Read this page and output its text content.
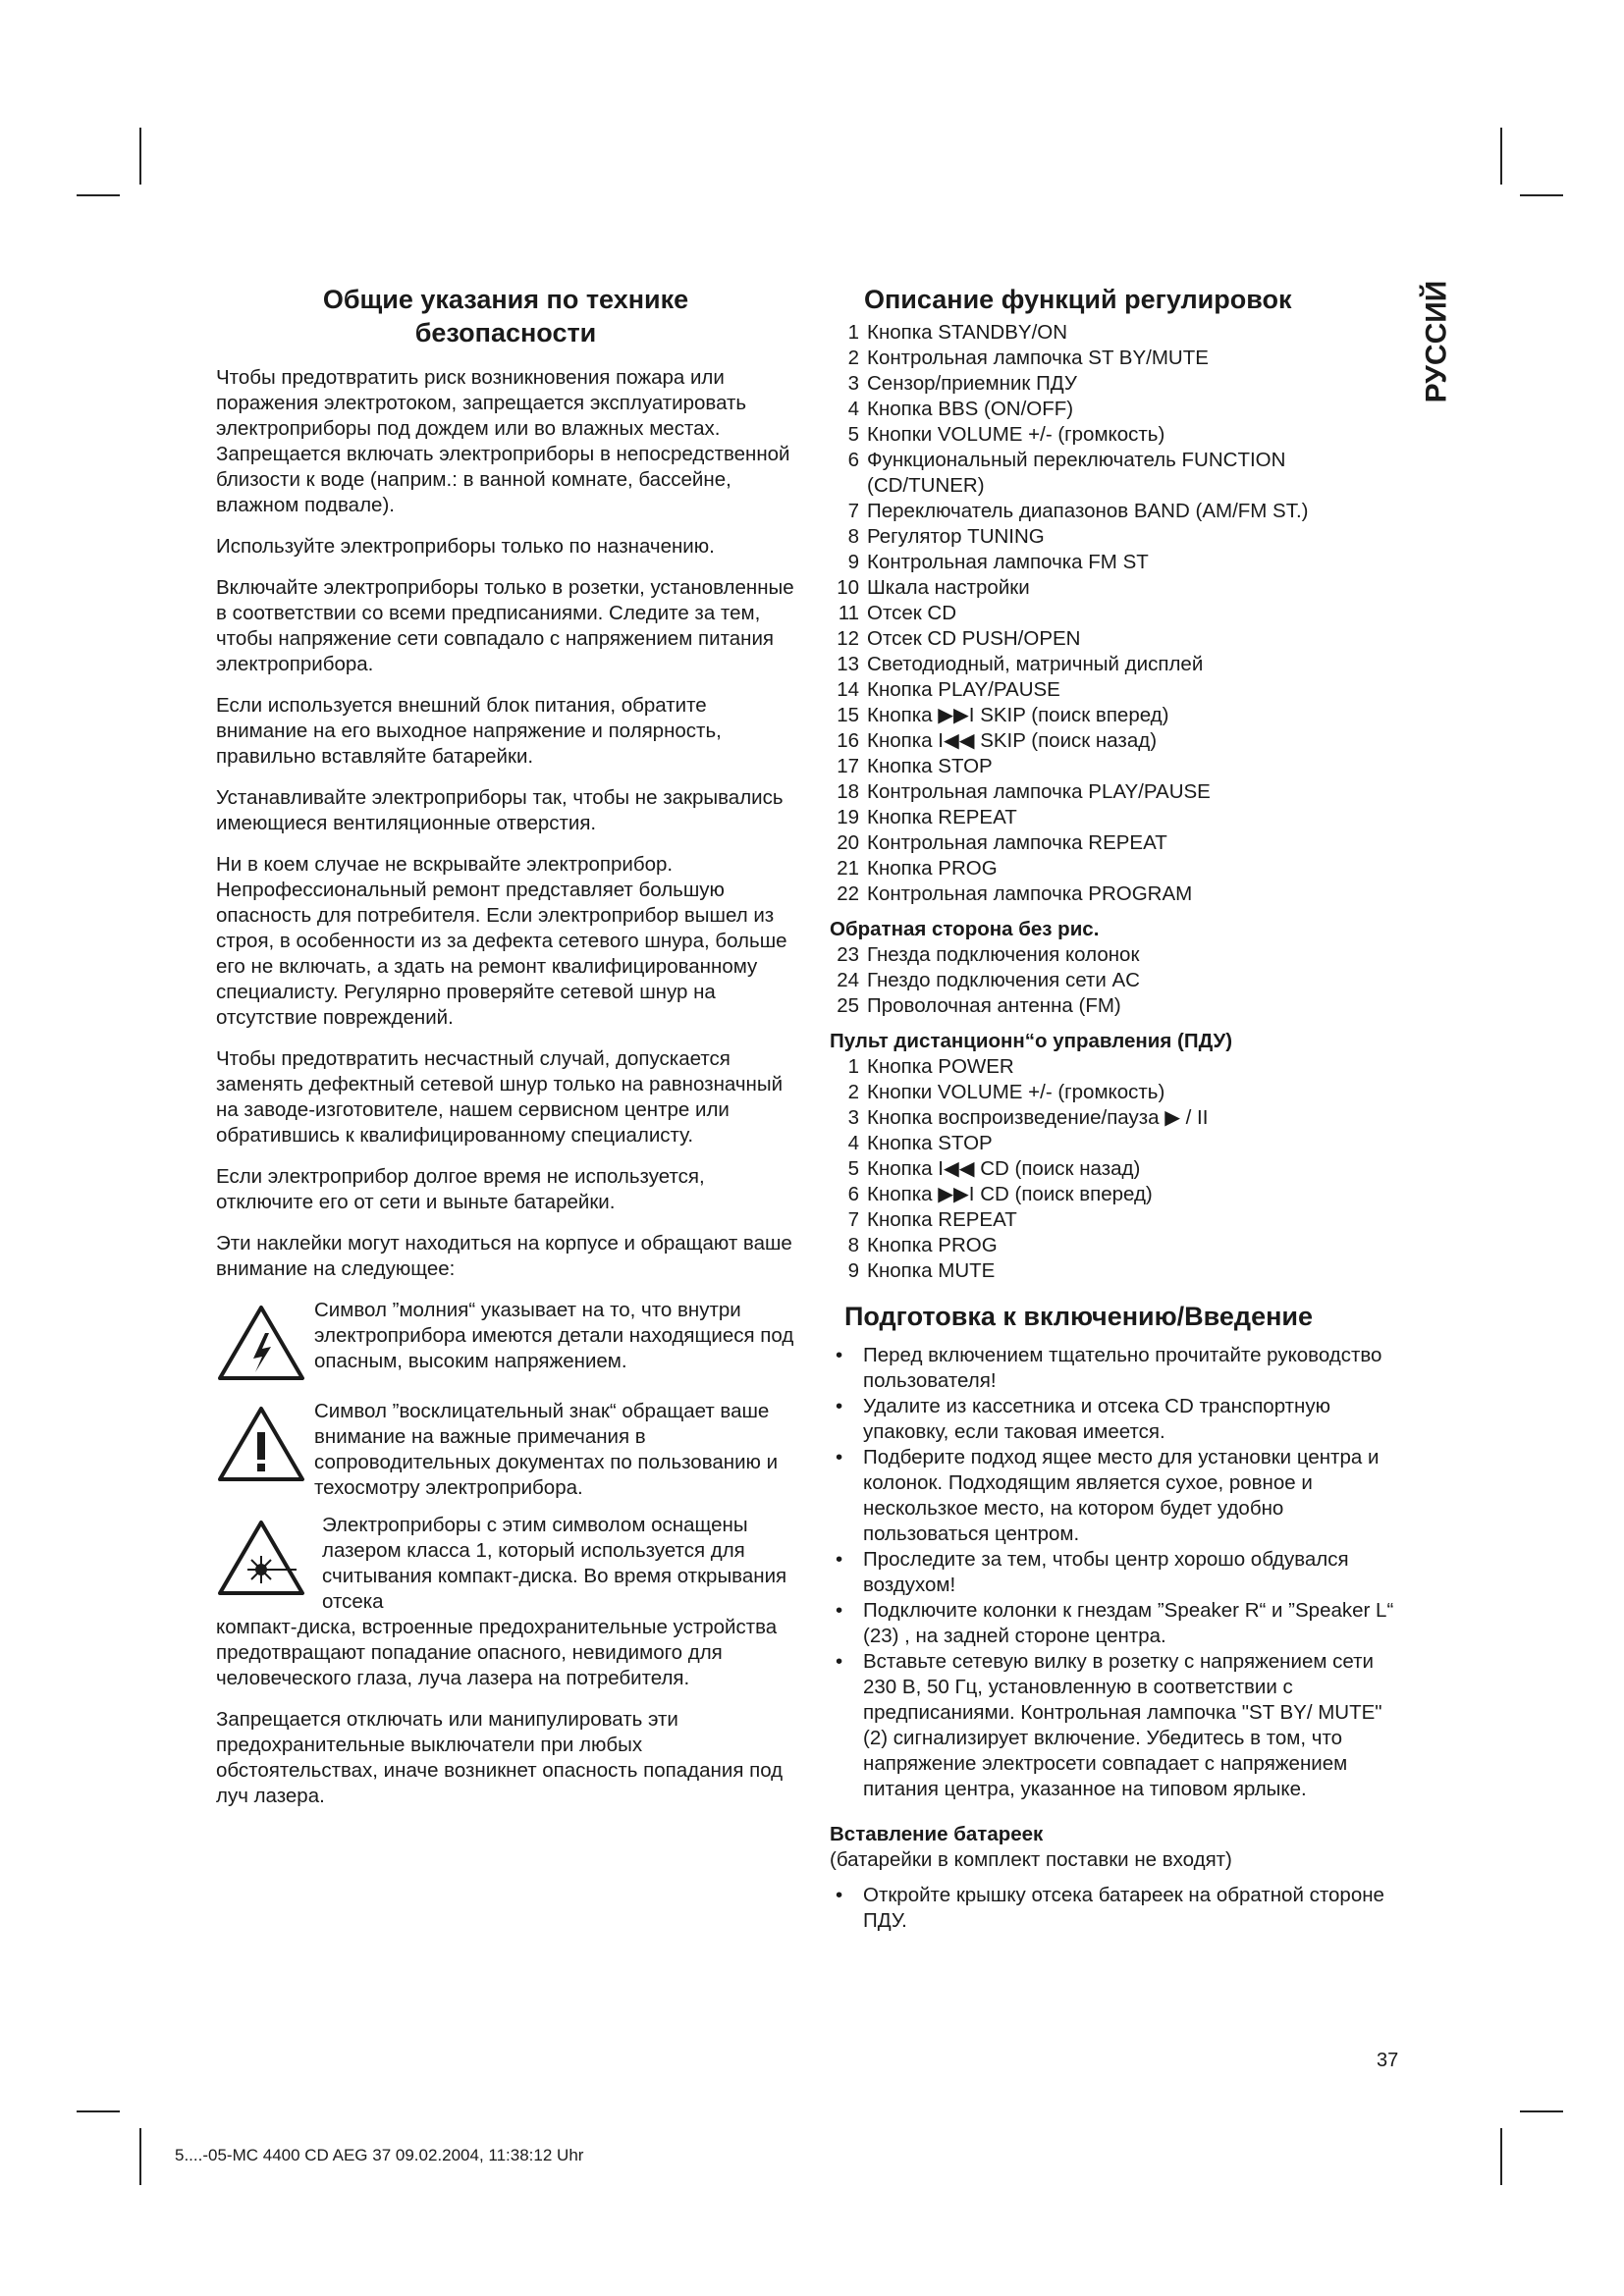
РУССИЙ
Общие указания по технике
безопасности
Чтобы предотвратить риск возникновения пожара или поражения электротоком, запрещается эксплуатировать электроприборы под дождем или во влажных местах. Запрещается включать электроприборы в непосредственной близости к воде (наприм.: в ванной комнате, бассейне, влажном подвале).
Используйте электроприборы только по назначению.
Включайте электроприборы только в розетки, установленные в соответствии со всеми предписаниями. Следите за тем, чтобы напряжение сети совпадало с напряжением питания электроприбора.
Если используется внешний блок питания, обратите внимание на его выходное напряжение и полярность, правильно вставляйте батарейки.
Устанавливайте электроприборы так, чтобы не закрывались имеющиеся вентиляционные отверстия.
Ни в коем случае не вскрывайте электроприбор. Непрофессиональный ремонт представляет большую опасность для потребителя. Если электроприбор вышел из строя, в особенности из за дефекта сетевого шнура, больше его не включать, а здать на ремонт квалифицированному специалисту. Регулярно проверяйте сетевой шнур на отсутствие повреждений.
Чтобы предотвратить несчастный случай, допускается заменять дефектный сетевой шнур только на равнозначный на заводе-изготовителе, нашем сервисном центре или обратившись к квалифицированному специалисту.
Если электроприбор долгое время не используется, отключите его от сети и выньте батарейки.
Эти наклейки могут находиться на корпусе и обращают ваше внимание на следующее:
Символ ”молния“ указывает на то, что внутри электроприбора имеются детали находящиеся под опасным, высоким напряжением.
Символ ”восклицательный знак“ обращает ваше внимание на важные примечания в сопроводительных документах по пользованию и техосмотру электроприбора.
Электроприборы с этим символом оснащены лазером класса 1, который используется для считывания компакт-диска. Во время открывания отсека
компакт-диска, встроенные предохранительные устройства предотвращают попадание опасного, невидимого для человеческого глаза, луча лазера на потребителя.
Запрещается отключать или манипулировать эти предохранительные выключатели при любых обстоятельствах, иначе возникнет опасность попадания под луч лазера.
Описание функций регулировок
1 Кнопка STANDBY/ON
2 Контрольная лампочка ST BY/MUTE
3 Сензор/приемник ПДУ
4 Кнопка BBS (ON/OFF)
5 Кнопки VOLUME +/- (громкость)
6 Функциональный переключатель FUNCTION
(CD/TUNER)
7 Переключатель диапазонов BAND (AM/FM ST.)
8 Регулятор TUNING
9 Контрольная лампочка FM ST
10 Шкала настройки
11 Отсек CD
12 Отсек CD PUSH/OPEN
13 Светодиодный, матричный дисплей
14 Кнопка PLAY/PAUSE
15 Кнопка ▶▶I SKIP (поиск вперед)
16 Кнопка I◀◀ SKIP (поиск назад)
17 Кнопка STOP
18 Контрольная лампочка PLAY/PAUSE
19 Кнопка REPEAT
20 Контрольная лампочка REPEAT
21 Кнопка PROG
22 Контрольная лампочка PROGRAM
Обратная сторона без рис.
23 Гнезда подключения колонок
24 Гнездо подключения сети AC
25 Проволочная антенна (FM)
Пульт дистанционн“о управления (ПДУ)
1 Кнопка POWER
2 Кнопки VOLUME +/- (громкость)
3 Кнопка воспроизведение/пауза ▶ / II
4 Кнопка STOP
5 Кнопка I◀◀ CD (поиск назад)
6 Кнопка ▶▶I CD (поиск вперед)
7 Кнопка REPEAT
8 Кнопка PROG
9 Кнопка MUTE
Подготовка к включению/Введение
• Перед включением тщательно прочитайте руководство пользователя!
• Удалите из кассетника и отсека CD транспортную упаковку, если таковая имеется.
• Подберите подход ящее место для установки центра и колонок. Подходящим является сухое, ровное и нескользкое место, на котором будет удобно пользоваться центром.
• Проследите за тем, чтобы центр хорошо обдувался воздухом!
• Подключите колонки к гнездам ”Speaker R“ и ”Speaker L“ (23) , на задней стороне центра.
• Вставьте сетевую вилку в розетку с напряжением сети 230 В, 50 Гц, установленную в соответствии с предписаниями. Контрольная лампочка "ST BY/ MUTE" (2) сигнализирует включение. Убедитесь в том, что напряжение электросети совпадает с напряжением питания центра, указанное на типовом ярлыке.
Вставление батареек
(батарейки в комплект поставки не входят)
• Откройте крышку отсека батареек на обратной стороне ПДУ.
37
5....-05-MC 4400 CD AEG 37 09.02.2004, 11:38:12 Uhr
